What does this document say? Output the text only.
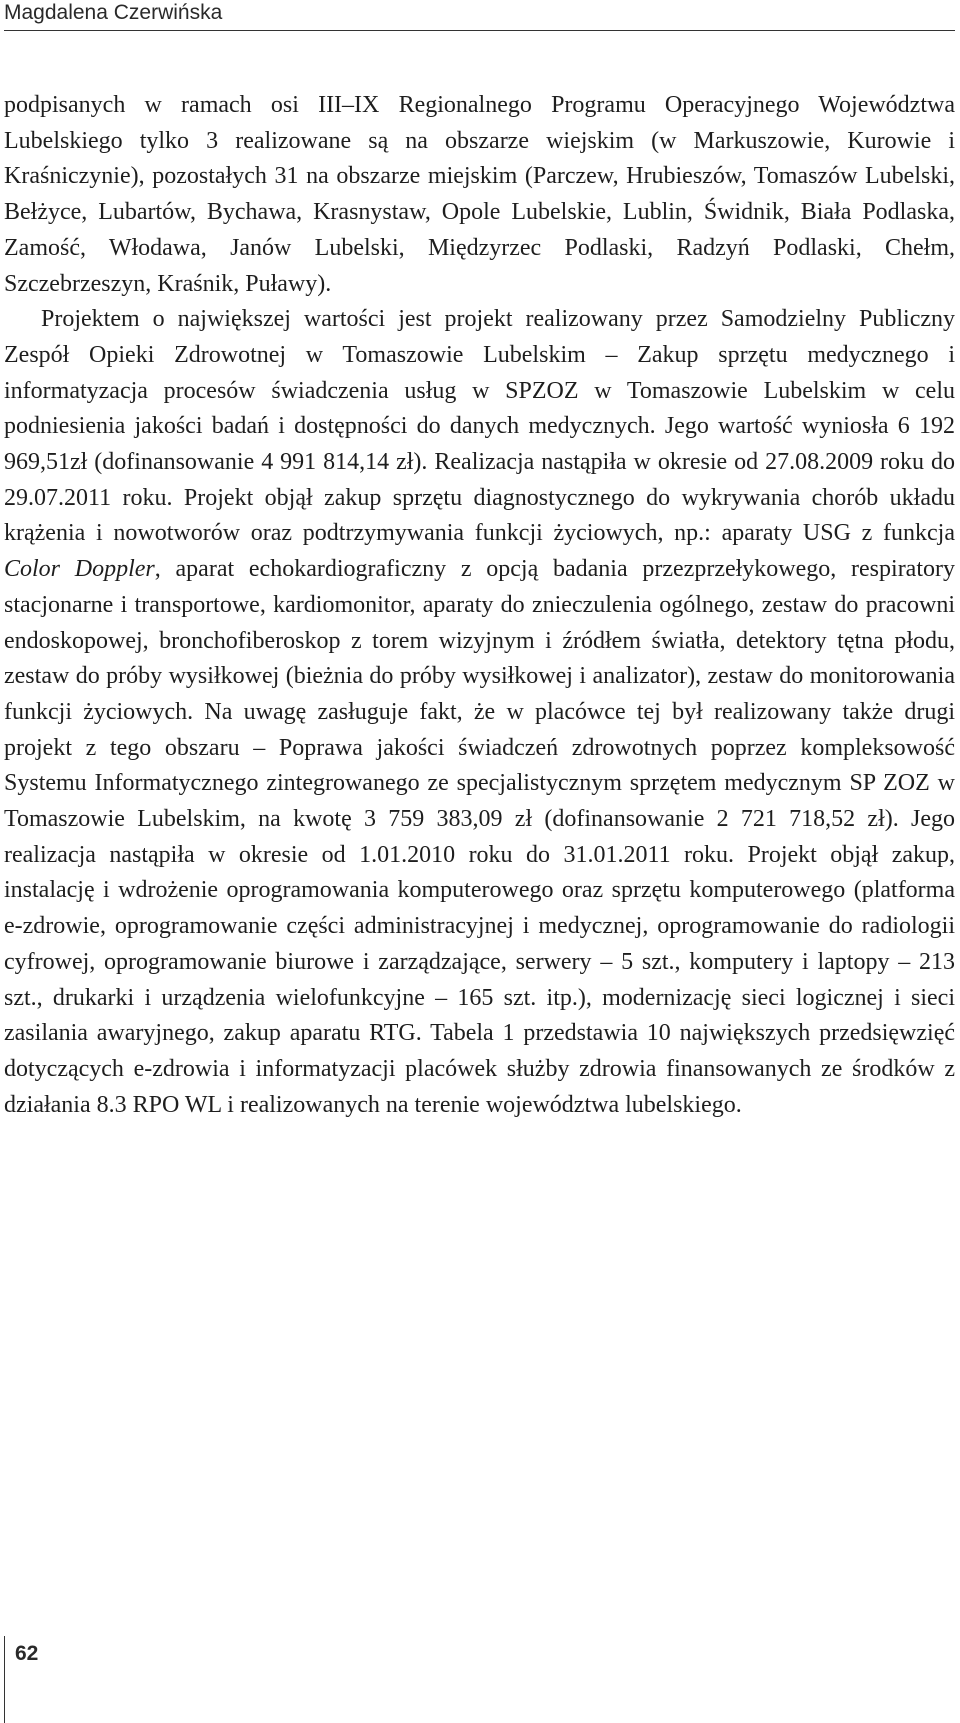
Magdalena Czerwińska

podpisanych w ramach osi III–IX Regionalnego Programu Operacyjnego Województwa Lubelskiego tylko 3 realizowane są na obszarze wiejskim (w Markuszowie, Kurowie i Kraśniczynie), pozostałych 31 na obszarze miejskim (Parczew, Hrubieszów, Tomaszów Lubelski, Bełżyce, Lubartów, Bychawa, Krasnystaw, Opole Lubelskie, Lublin, Świdnik, Biała Podlaska, Zamość, Włodawa, Janów Lubelski, Międzyrzec Podlaski, Radzyń Podlaski, Chełm, Szczebrzeszyn, Kraśnik, Puławy).

Projektem o największej wartości jest projekt realizowany przez Samodzielny Publiczny Zespół Opieki Zdrowotnej w Tomaszowie Lubelskim – Zakup sprzętu medycznego i informatyzacja procesów świadczenia usług w SPZOZ w Tomaszowie Lubelskim w celu podniesienia jakości badań i dostępności do danych medycznych. Jego wartość wyniosła 6 192 969,51zł (dofinansowanie 4 991 814,14 zł). Realizacja nastąpiła w okresie od 27.08.2009 roku do 29.07.2011 roku. Projekt objął zakup sprzętu diagnostycznego do wykrywania chorób układu krążenia i nowotworów oraz podtrzymywania funkcji życiowych, np.: aparaty USG z funkcja Color Doppler, aparat echokardiograficzny z opcją badania przezprzełykowego, respiratory stacjonarne i transportowe, kardiomonitor, aparaty do znieczulenia ogólnego, zestaw do pracowni endoskopowej, bronchofiberoskop z torem wizyjnym i źródłem światła, detektory tętna płodu, zestaw do próby wysiłkowej (bieżnia do próby wysiłkowej i analizator), zestaw do monitorowania funkcji życiowych. Na uwagę zasługuje fakt, że w placówce tej był realizowany także drugi projekt z tego obszaru – Poprawa jakości świadczeń zdrowotnych poprzez kompleksowość Systemu Informatycznego zintegrowanego ze specjalistycznym sprzętem medycznym SP ZOZ w Tomaszowie Lubelskim, na kwotę 3 759 383,09 zł (dofinansowanie 2 721 718,52 zł). Jego realizacja nastąpiła w okresie od 1.01.2010 roku do 31.01.2011 roku. Projekt objął zakup, instalację i wdrożenie oprogramowania komputerowego oraz sprzętu komputerowego (platforma e-zdrowie, oprogramowanie części administracyjnej i medycznej, oprogramowanie do radiologii cyfrowej, oprogramowanie biurowe i zarządzające, serwery – 5 szt., komputery i laptopy – 213 szt., drukarki i urządzenia wielofunkcyjne – 165 szt. itp.), modernizację sieci logicznej i sieci zasilania awaryjnego, zakup aparatu RTG. Tabela 1 przedstawia 10 największych przedsięwzięć dotyczących e-zdrowia i informatyzacji placówek służby zdrowia finansowanych ze środków z działania 8.3 RPO WL i realizowanych na terenie województwa lubelskiego.

62
